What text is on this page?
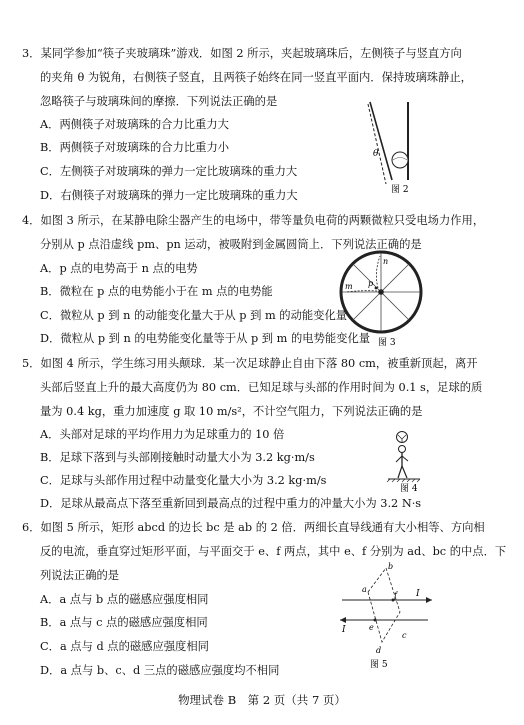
3．某同学参加“筷子夹玻璃珠”游戏．如图 2 所示，夹起玻璃珠后，左侧筷子与竖直方向
的夹角 θ 为锐角，右侧筷子竖直，且两筷子始终在同一竖直平面内．保持玻璃珠静止，
忽略筷子与玻璃珠间的摩擦．下列说法正确的是
A．两侧筷子对玻璃珠的合力比重力大
B．两侧筷子对玻璃珠的合力比重力小
C．左侧筷子对玻璃珠的弹力一定比玻璃珠的重力大
D．右侧筷子对玻璃珠的弹力一定比玻璃珠的重力大
θ
图 2
4．如图 3 所示，在某静电除尘器产生的电场中，带等量负电荷的两颗微粒只受电场力作用，
分别从 p 点沿虚线 pm、pn 运动，被吸附到金属圆筒上．下列说法正确的是
A．p 点的电势高于 n 点的电势
B．微粒在 p 点的电势能小于在 m 点的电势能
C．微粒从 p 到 n 的动能变化量大于从 p 到 m 的动能变化量
D．微粒从 p 到 n 的电势能变化量等于从 p 到 m 的电势能变化量
n
m p
图 3
5．如图 4 所示，学生练习用头颠球．某一次足球静止自由下落 80 cm，被重新顶起，离开
头部后竖直上升的最大高度仍为 80 cm．已知足球与头部的作用时间为 0.1 s，足球的质
量为 0.4 kg，重力加速度 g 取 10 m/s²，不计空气阻力，下列说法正确的是
A．头部对足球的平均作用力为足球重力的 10 倍
B．足球下落到与头部刚接触时动量大小为 3.2 kg·m/s
C．足球与头部作用过程中动量变化量大小为 3.2 kg·m/s
D．足球从最高点下落至重新回到最高点的过程中重力的冲量大小为 3.2 N·s
图 4
6．如图 5 所示，矩形 abcd 的边长 bc 是 ab 的 2 倍．两细长直导线通有大小相等、方向相
反的电流，垂直穿过矩形平面，与平面交于 e、f 两点，其中 e、f 分别为 ad、bc 的中点．下
列说法正确的是
A．a 点与 b 点的磁感应强度相同
B．a 点与 c 点的磁感应强度相同
C．a 点与 d 点的磁感应强度相同
D．a 点与 b、c、d 三点的磁感应强度均不相同
a
b
f
e
c
d
I
I
图 5
物理试卷 B　第 2 页（共 7 页）
